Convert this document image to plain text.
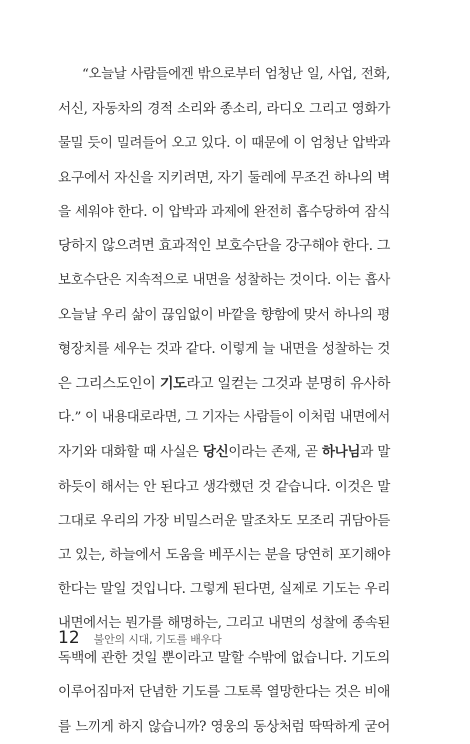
“오늘날 사람들에겐 밖으로부터 엄청난 일, 사업, 전화,
서신, 자동차의 경적 소리와 종소리, 라디오 그리고 영화가
물밀 듯이 밀려들어 오고 있다. 이 때문에 이 엄청난 압박과
요구에서 자신을 지키려면, 자기 둘레에 무조건 하나의 벽
을 세워야 한다. 이 압박과 과제에 완전히 흡수당하여 잠식
당하지 않으려면 효과적인 보호수단을 강구해야 한다. 그
보호수단은 지속적으로 내면을 성찰하는 것이다. 이는 흡사
오늘날 우리 삶이 끊임없이 바깥을 향함에 맞서 하나의 평
형장치를 세우는 것과 같다. 이렇게 늘 내면을 성찰하는 것
은 그리스도인이 기도라고 일컫는 그것과 분명히 유사하
다.” 이 내용대로라면, 그 기자는 사람들이 이처럼 내면에서
자기와 대화할 때 사실은 당신이라는 존재, 곧 하나님과 말
하듯이 해서는 안 된다고 생각했던 것 같습니다. 이것은 말
그대로 우리의 가장 비밀스러운 말조차도 모조리 귀담아듣
고 있는, 하늘에서 도움을 베푸시는 분을 당연히 포기해야
한다는 말일 것입니다. 그렇게 된다면, 실제로 기도는 우리
내면에서는 뭔가를 해명하는, 그리고 내면의 성찰에 종속된
독백에 관한 것일 뿐이라고 말할 수밖에 없습니다. 기도의
이루어짐마저 단념한 기도를 그토록 열망한다는 것은 비애
를 느끼게 하지 않습니까? 영웅의 동상처럼 딱딱하게 굳어
12 불안의 시대, 기도를 배우다
